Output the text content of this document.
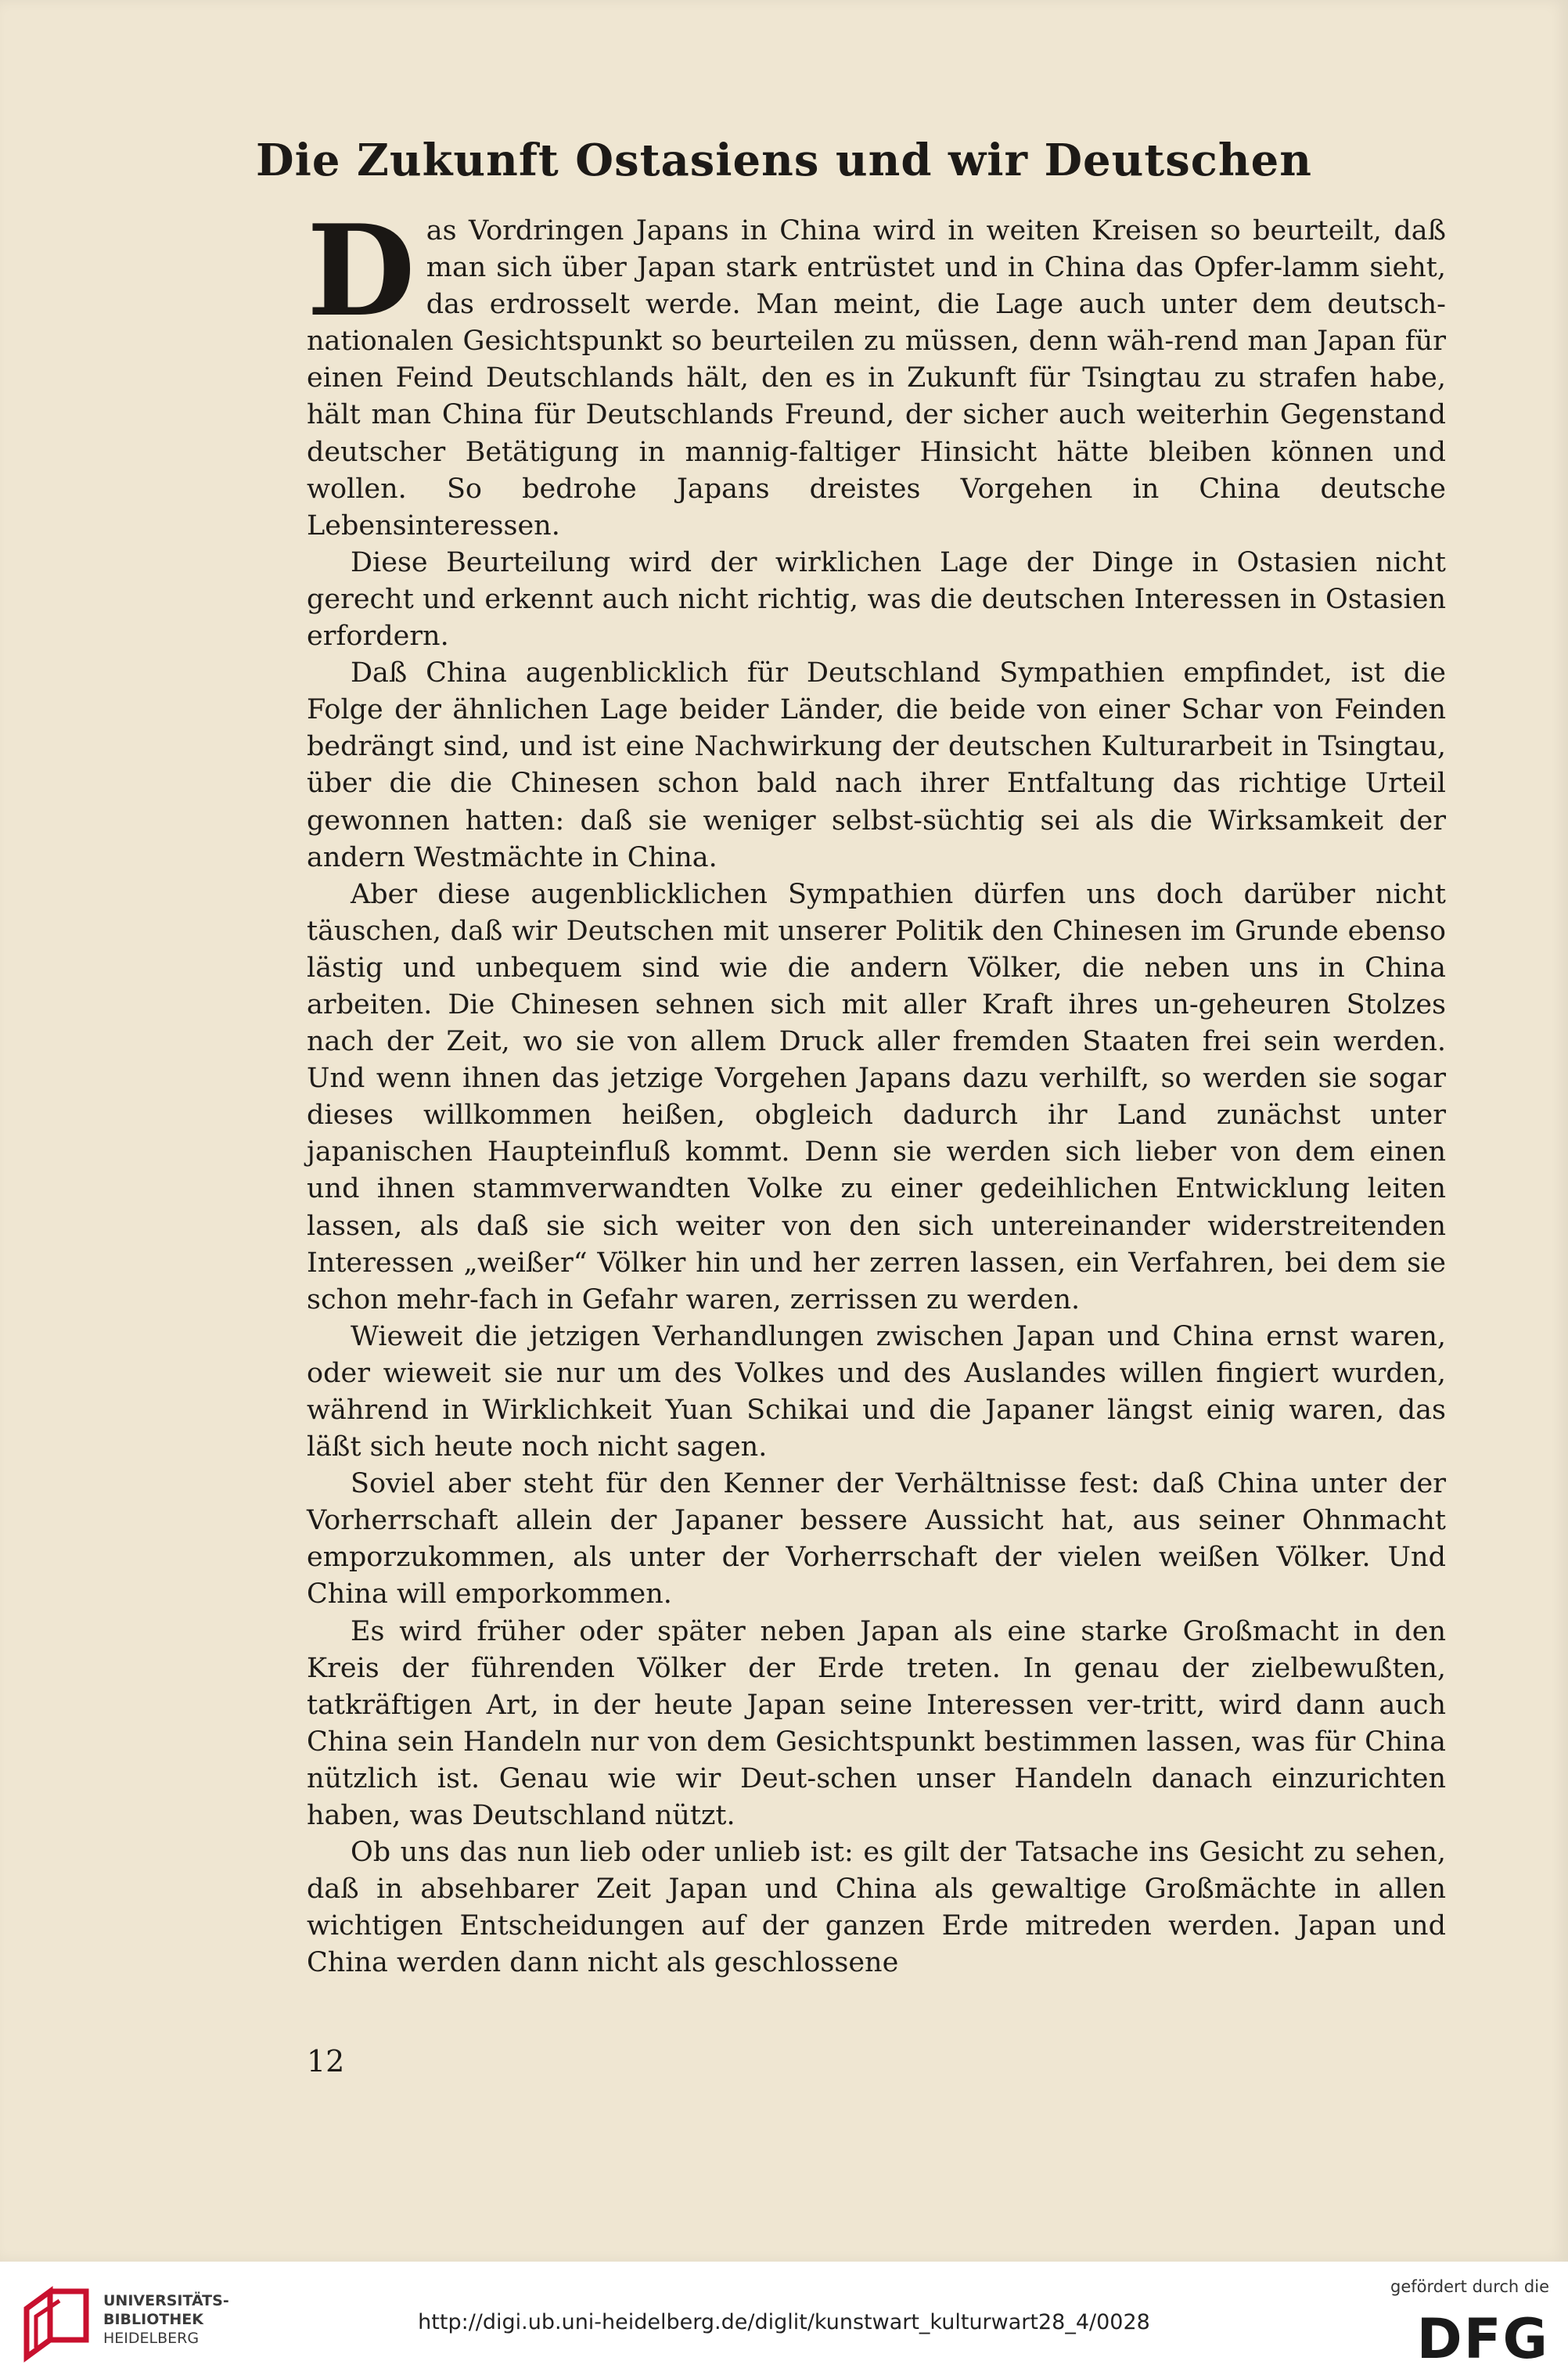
Die Zukunft Ostasiens und wir Deutschen

D as Vordringen Japans in China wird in weiten Kreisen so beurteilt, daß man sich über Japan stark entrüstet und in China das Opfer-lamm sieht, das erdrosselt werde. Man meint, die Lage auch unter dem deutsch-nationalen Gesichtspunkt so beurteilen zu müssen, denn wäh-rend man Japan für einen Feind Deutschlands hält, den es in Zukunft für Tsingtau zu strafen habe, hält man China für Deutschlands Freund, der sicher auch weiterhin Gegenstand deutscher Betätigung in mannig-faltiger Hinsicht hätte bleiben können und wollen. So bedrohe Japans dreistes Vorgehen in China deutsche Lebensinteressen.

Diese Beurteilung wird der wirklichen Lage der Dinge in Ostasien nicht gerecht und erkennt auch nicht richtig, was die deutschen Interessen in Ostasien erfordern.

Daß China augenblicklich für Deutschland Sympathien empfindet, ist die Folge der ähnlichen Lage beider Länder, die beide von einer Schar von Feinden bedrängt sind, und ist eine Nachwirkung der deutschen Kulturarbeit in Tsingtau, über die die Chinesen schon bald nach ihrer Entfaltung das richtige Urteil gewonnen hatten: daß sie weniger selbst-süchtig sei als die Wirksamkeit der andern Westmächte in China.

Aber diese augenblicklichen Sympathien dürfen uns doch darüber nicht täuschen, daß wir Deutschen mit unserer Politik den Chinesen im Grunde ebenso lästig und unbequem sind wie die andern Völker, die neben uns in China arbeiten. Die Chinesen sehnen sich mit aller Kraft ihres un-geheuren Stolzes nach der Zeit, wo sie von allem Druck aller fremden Staaten frei sein werden. Und wenn ihnen das jetzige Vorgehen Japans dazu verhilft, so werden sie sogar dieses willkommen heißen, obgleich dadurch ihr Land zunächst unter japanischen Haupteinfluß kommt. Denn sie werden sich lieber von dem einen und ihnen stammverwandten Volke zu einer gedeihlichen Entwicklung leiten lassen, als daß sie sich weiter von den sich untereinander widerstreitenden Interessen „weißer“ Völker hin und her zerren lassen, ein Verfahren, bei dem sie schon mehr-fach in Gefahr waren, zerrissen zu werden.

Wieweit die jetzigen Verhandlungen zwischen Japan und China ernst waren, oder wieweit sie nur um des Volkes und des Auslandes willen fingiert wurden, während in Wirklichkeit Yuan Schikai und die Japaner längst einig waren, das läßt sich heute noch nicht sagen.

Soviel aber steht für den Kenner der Verhältnisse fest: daß China unter der Vorherrschaft allein der Japaner bessere Aussicht hat, aus seiner Ohnmacht emporzukommen, als unter der Vorherrschaft der vielen weißen Völker. Und China will emporkommen.

Es wird früher oder später neben Japan als eine starke Großmacht in den Kreis der führenden Völker der Erde treten. In genau der zielbewußten, tatkräftigen Art, in der heute Japan seine Interessen ver-tritt, wird dann auch China sein Handeln nur von dem Gesichtspunkt bestimmen lassen, was für China nützlich ist. Genau wie wir Deut-schen unser Handeln danach einzurichten haben, was Deutschland nützt.

Ob uns das nun lieb oder unlieb ist: es gilt der Tatsache ins Gesicht zu sehen, daß in absehbarer Zeit Japan und China als gewaltige Großmächte in allen wichtigen Entscheidungen auf der ganzen Erde mitreden werden. Japan und China werden dann nicht als geschlossene

12
UNIVERSITÄTS-
BIBLIOTHEK
HEIDELBERG
http://digi.ub.uni-heidelberg.de/diglit/kunstwart_kulturwart28_4/0028
gefördert durch die
DFG
